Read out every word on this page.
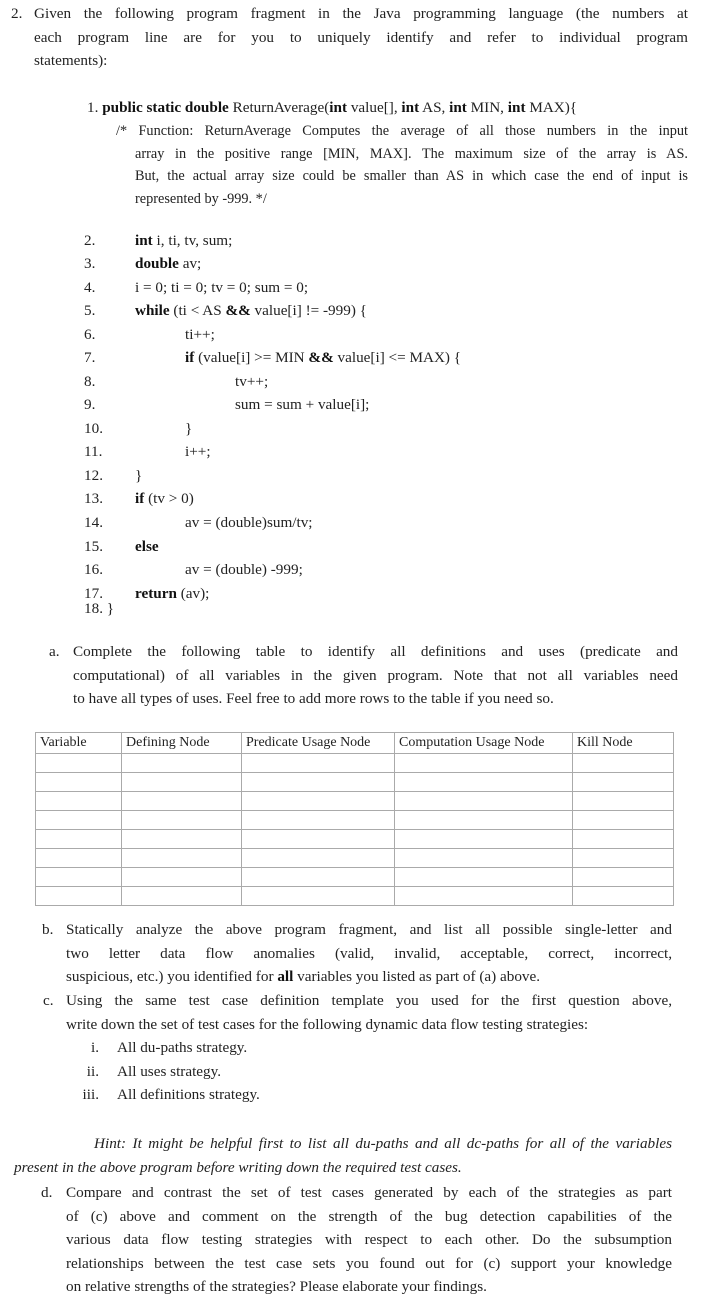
2. Given the following program fragment in the Java programming language (the numbers at
each program line are for you to uniquely identify and refer to individual program
statements):
1. public static double ReturnAverage(int value[], int AS, int MIN, int MAX){
/* Function: ReturnAverage Computes the average of all those numbers in the input
array in the positive range [MIN, MAX]. The maximum size of the array is AS.
But, the actual array size could be smaller than AS in which case the end of input is
represented by -999. */
2.	int i, ti, tv, sum;
3.	double av;
4.	i = 0; ti = 0; tv = 0; sum = 0;
5.	while (ti < AS && value[i] != -999) {
6.	ti++;
7.	if (value[i] >= MIN && value[i] <= MAX) {
8.	tv++;
9.	sum = sum + value[i];
10.	}
11.	i++;
12.	}
13.	if (tv > 0)
14.	av = (double)sum/tv;
15.	else
16.	av = (double) -999;
17.	return (av);
18. }
a. Complete the following table to identify all definitions and uses (predicate and
computational) of all variables in the given program. Note that not all variables need
to have all types of uses. Feel free to add more rows to the table if you need so.
Variable	Defining Node	Predicate Usage Node	Computation Usage Node	Kill Node

b. Statically analyze the above program fragment, and list all possible single-letter and
two letter data flow anomalies (valid, invalid, acceptable, correct, incorrect,
suspicious, etc.) you identified for all variables you listed as part of (a) above.
c. Using the same test case definition template you used for the first question above,
write down the set of test cases for the following dynamic data flow testing strategies:
i. All du-paths strategy.
ii. All uses strategy.
iii. All definitions strategy.
Hint: It might be helpful first to list all du-paths and all dc-paths for all of the variables
present in the above program before writing down the required test cases.
d. Compare and contrast the set of test cases generated by each of the strategies as part
of (c) above and comment on the strength of the bug detection capabilities of the
various data flow testing strategies with respect to each other. Do the subsumption
relationships between the test case sets you found out for (c) support your knowledge
on relative strengths of the strategies? Please elaborate your findings.
